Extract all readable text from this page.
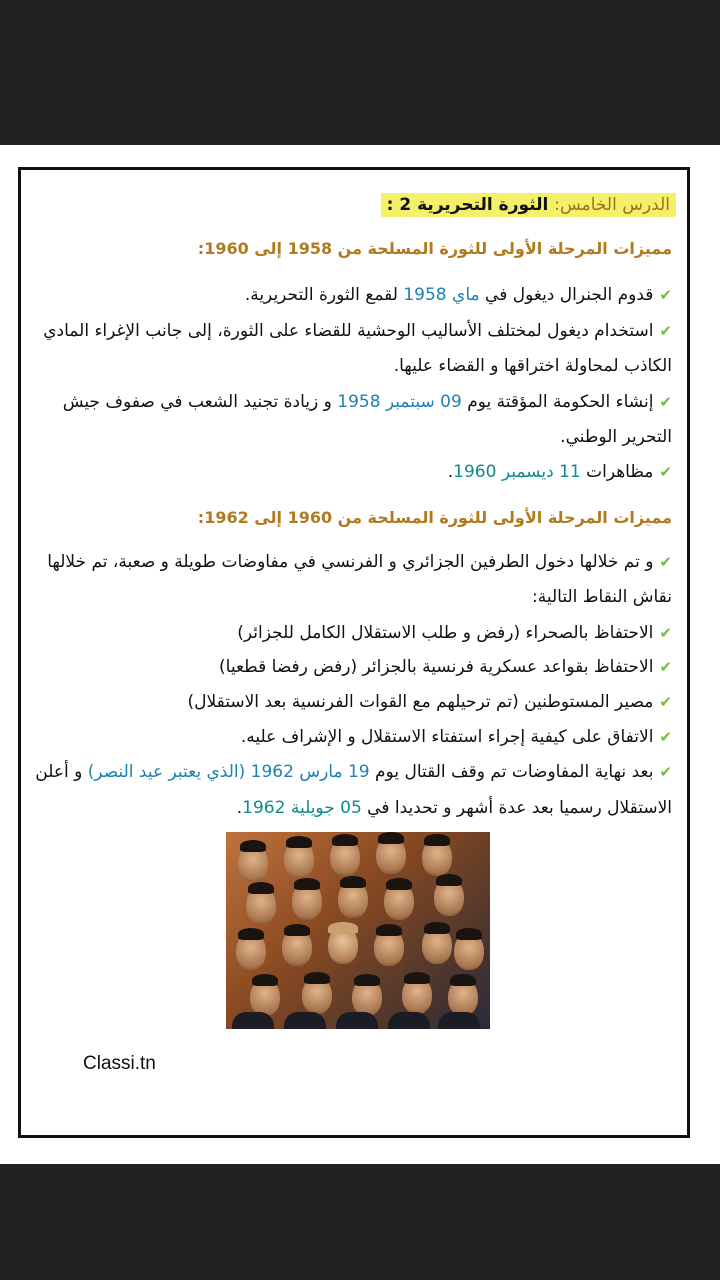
الدرس الخامس: الثورة التحريرية 2 :
مميزات المرحلة الأولى للثورة المسلحة من 1958 إلى 1960:
✔قدوم الجنرال ديغول في ماي 1958 لقمع الثورة التحريرية.
✔استخدام ديغول لمختلف الأساليب الوحشية للقضاء على الثورة، إلى جانب الإغراء المادي
الكاذب لمحاولة اختراقها و القضاء عليها.
✔إنشاء الحكومة المؤقتة يوم 09 سبتمبر 1958 و زيادة تجنيد الشعب في صفوف جيش
التحرير الوطني.
✔مظاهرات 11 ديسمبر 1960.
مميزات المرحلة الأولى للثورة المسلحة من 1960 إلى 1962:
✔و تم خلالها دخول الطرفين الجزائري و الفرنسي في مفاوضات طويلة و صعبة، تم خلالها
نقاش النقاط التالية:
✔الاحتفاظ بالصحراء (رفض و طلب الاستقلال الكامل للجزائر)
✔الاحتفاظ بقواعد عسكرية فرنسية بالجزائر (رفض رفضا قطعيا)
✔مصير المستوطنين (تم ترحيلهم مع القوات الفرنسية بعد الاستقلال)
✔الاتفاق على كيفية إجراء استفتاء الاستقلال و الإشراف عليه.
✔بعد نهاية المفاوضات تم وقف القتال يوم 19 مارس 1962 (الذي يعتبر عيد النصر) و أعلن
الاستقلال رسميا بعد عدة أشهر و تحديدا في 05 جويلية 1962.
Classi.tn
